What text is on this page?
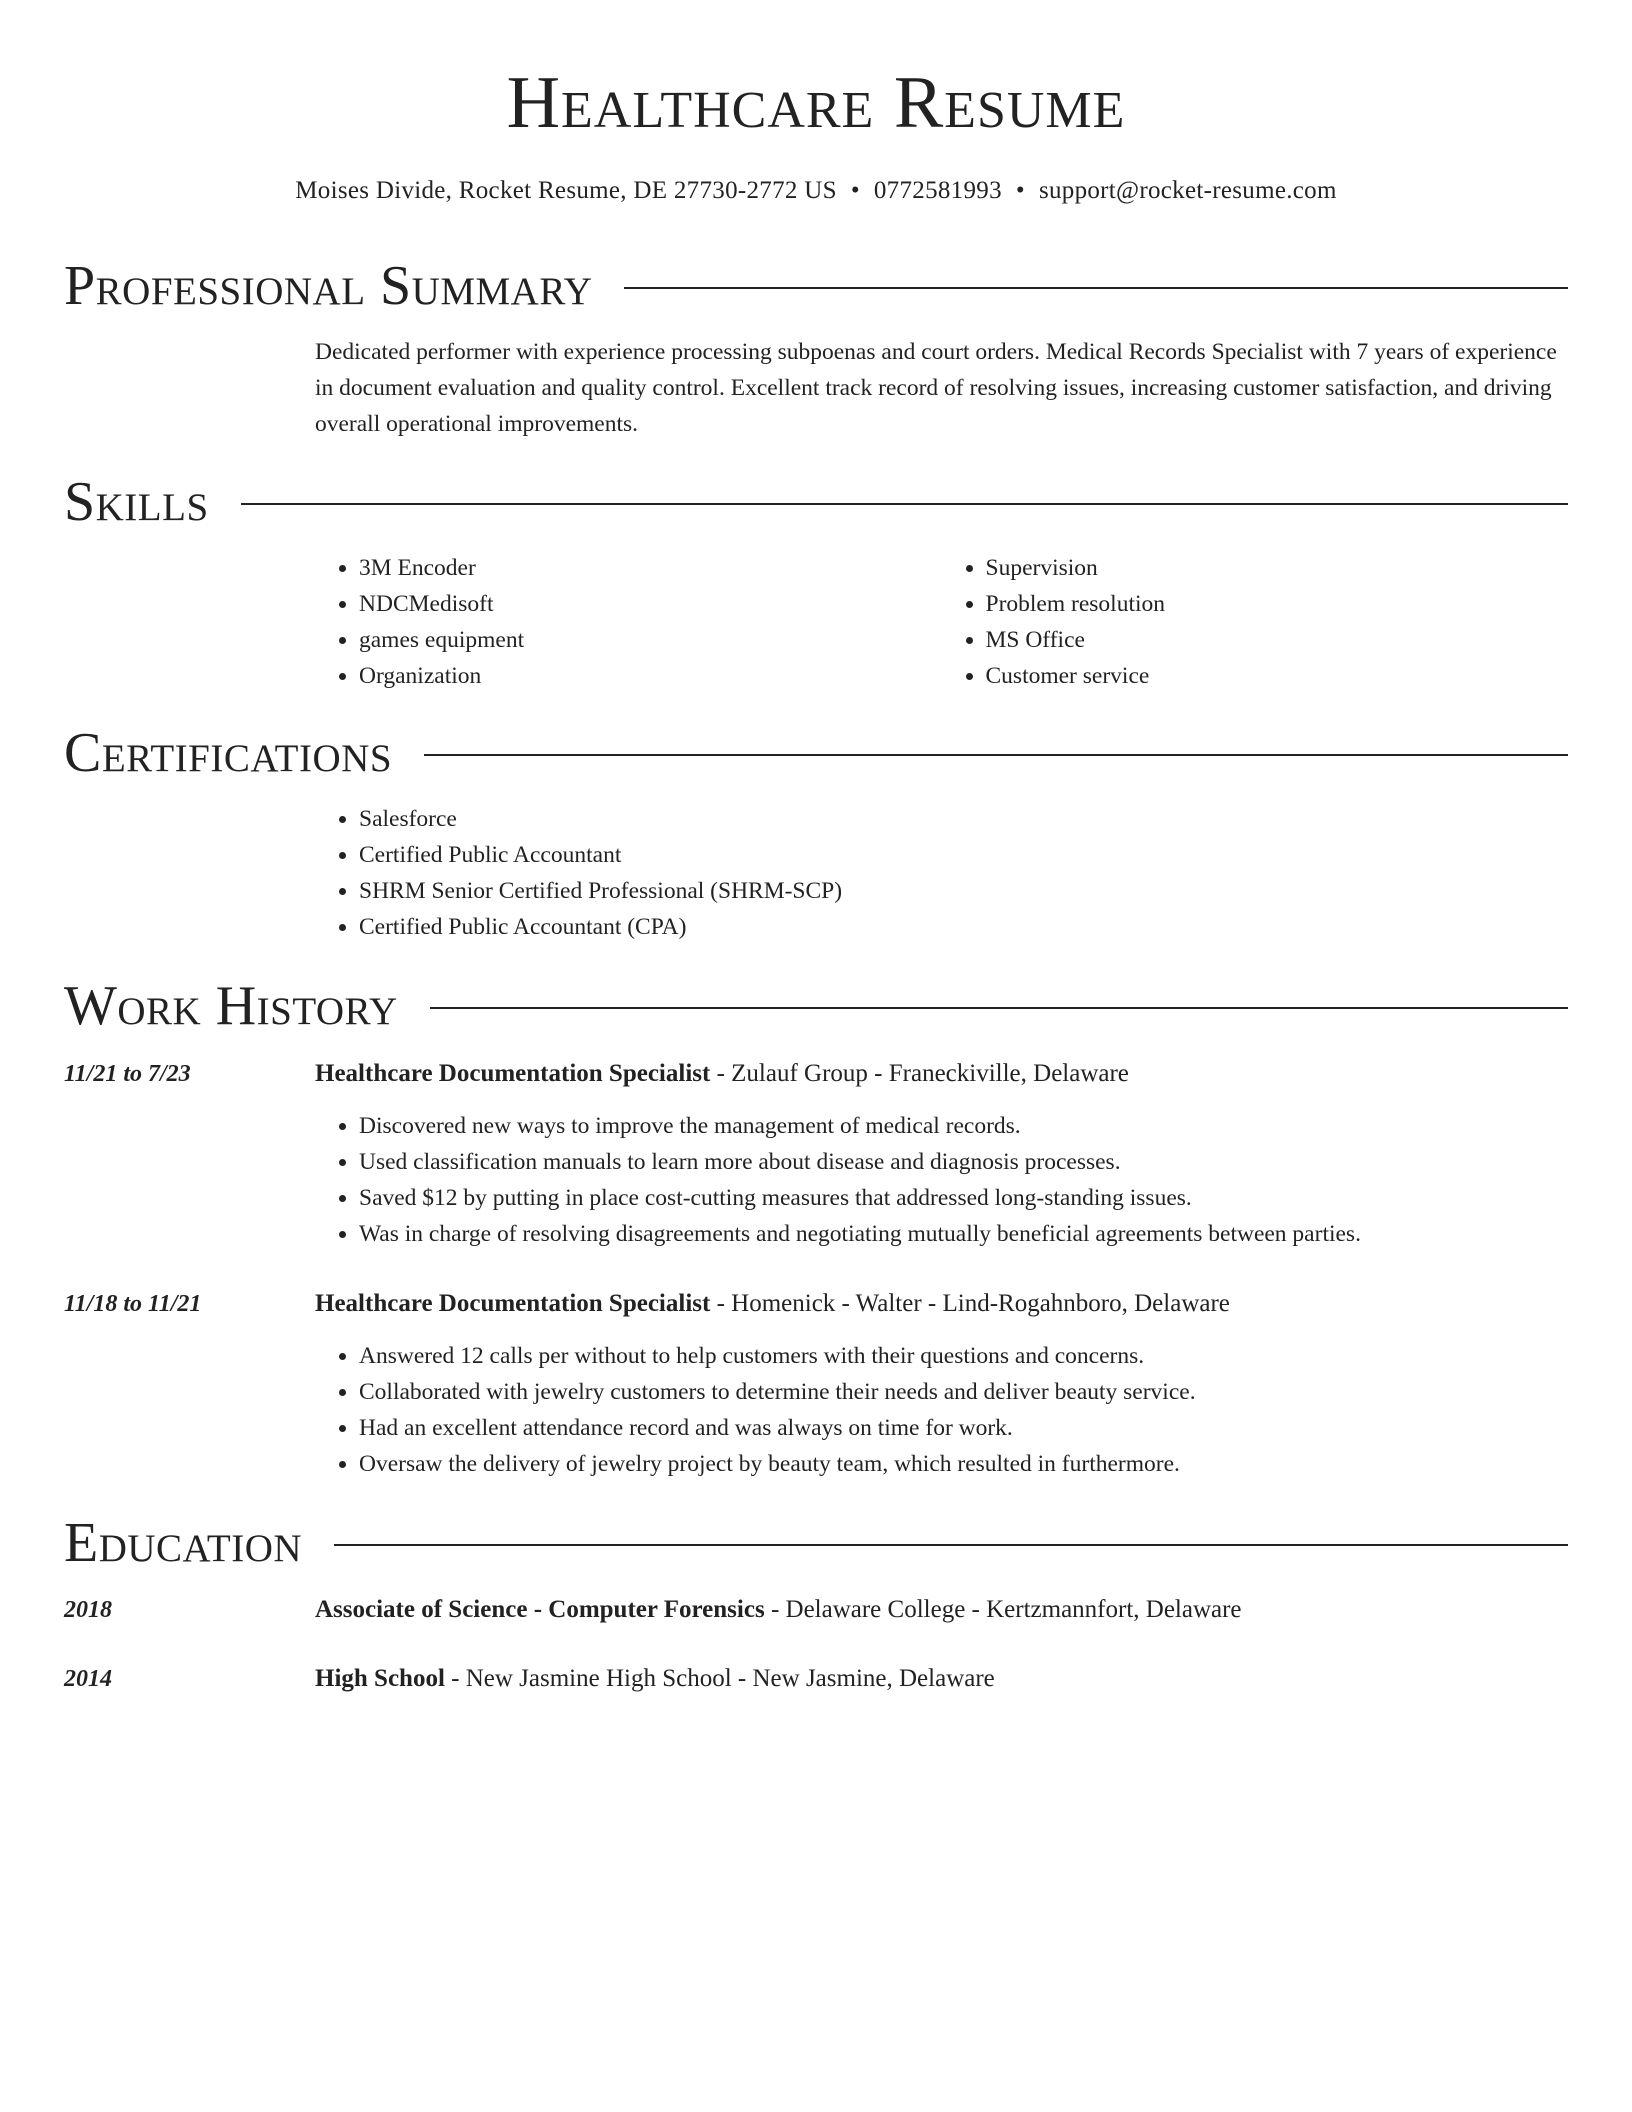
Healthcare Resume
Moises Divide, Rocket Resume, DE 27730-2772 US • 0772581993 • support@rocket-resume.com
Professional Summary

Dedicated performer with experience processing subpoenas and court orders. Medical Records Specialist with 7 years of experience in document evaluation and quality control. Excellent track record of resolving issues, increasing customer satisfaction, and driving overall operational improvements.

Skills
• 3M Encoder
• NDCMedisoft
• games equipment
• Organization
• Supervision
• Problem resolution
• MS Office
• Customer service
Certifications
• Salesforce
• Certified Public Accountant
• SHRM Senior Certified Professional (SHRM-SCP)
• Certified Public Accountant (CPA)
Work History
11/21 to 7/23	Healthcare Documentation Specialist - Zulauf Group - Franeckiville, Delaware
• Discovered new ways to improve the management of medical records.
• Used classification manuals to learn more about disease and diagnosis processes.
• Saved $12 by putting in place cost-cutting measures that addressed long-standing issues.
• Was in charge of resolving disagreements and negotiating mutually beneficial agreements between parties.
11/18 to 11/21	Healthcare Documentation Specialist - Homenick - Walter - Lind-Rogahnboro, Delaware
• Answered 12 calls per without to help customers with their questions and concerns.
• Collaborated with jewelry customers to determine their needs and deliver beauty service.
• Had an excellent attendance record and was always on time for work.
• Oversaw the delivery of jewelry project by beauty team, which resulted in furthermore.
Education
2018	Associate of Science - Computer Forensics - Delaware College - Kertzmannfort, Delaware
2014	High School - New Jasmine High School - New Jasmine, Delaware
